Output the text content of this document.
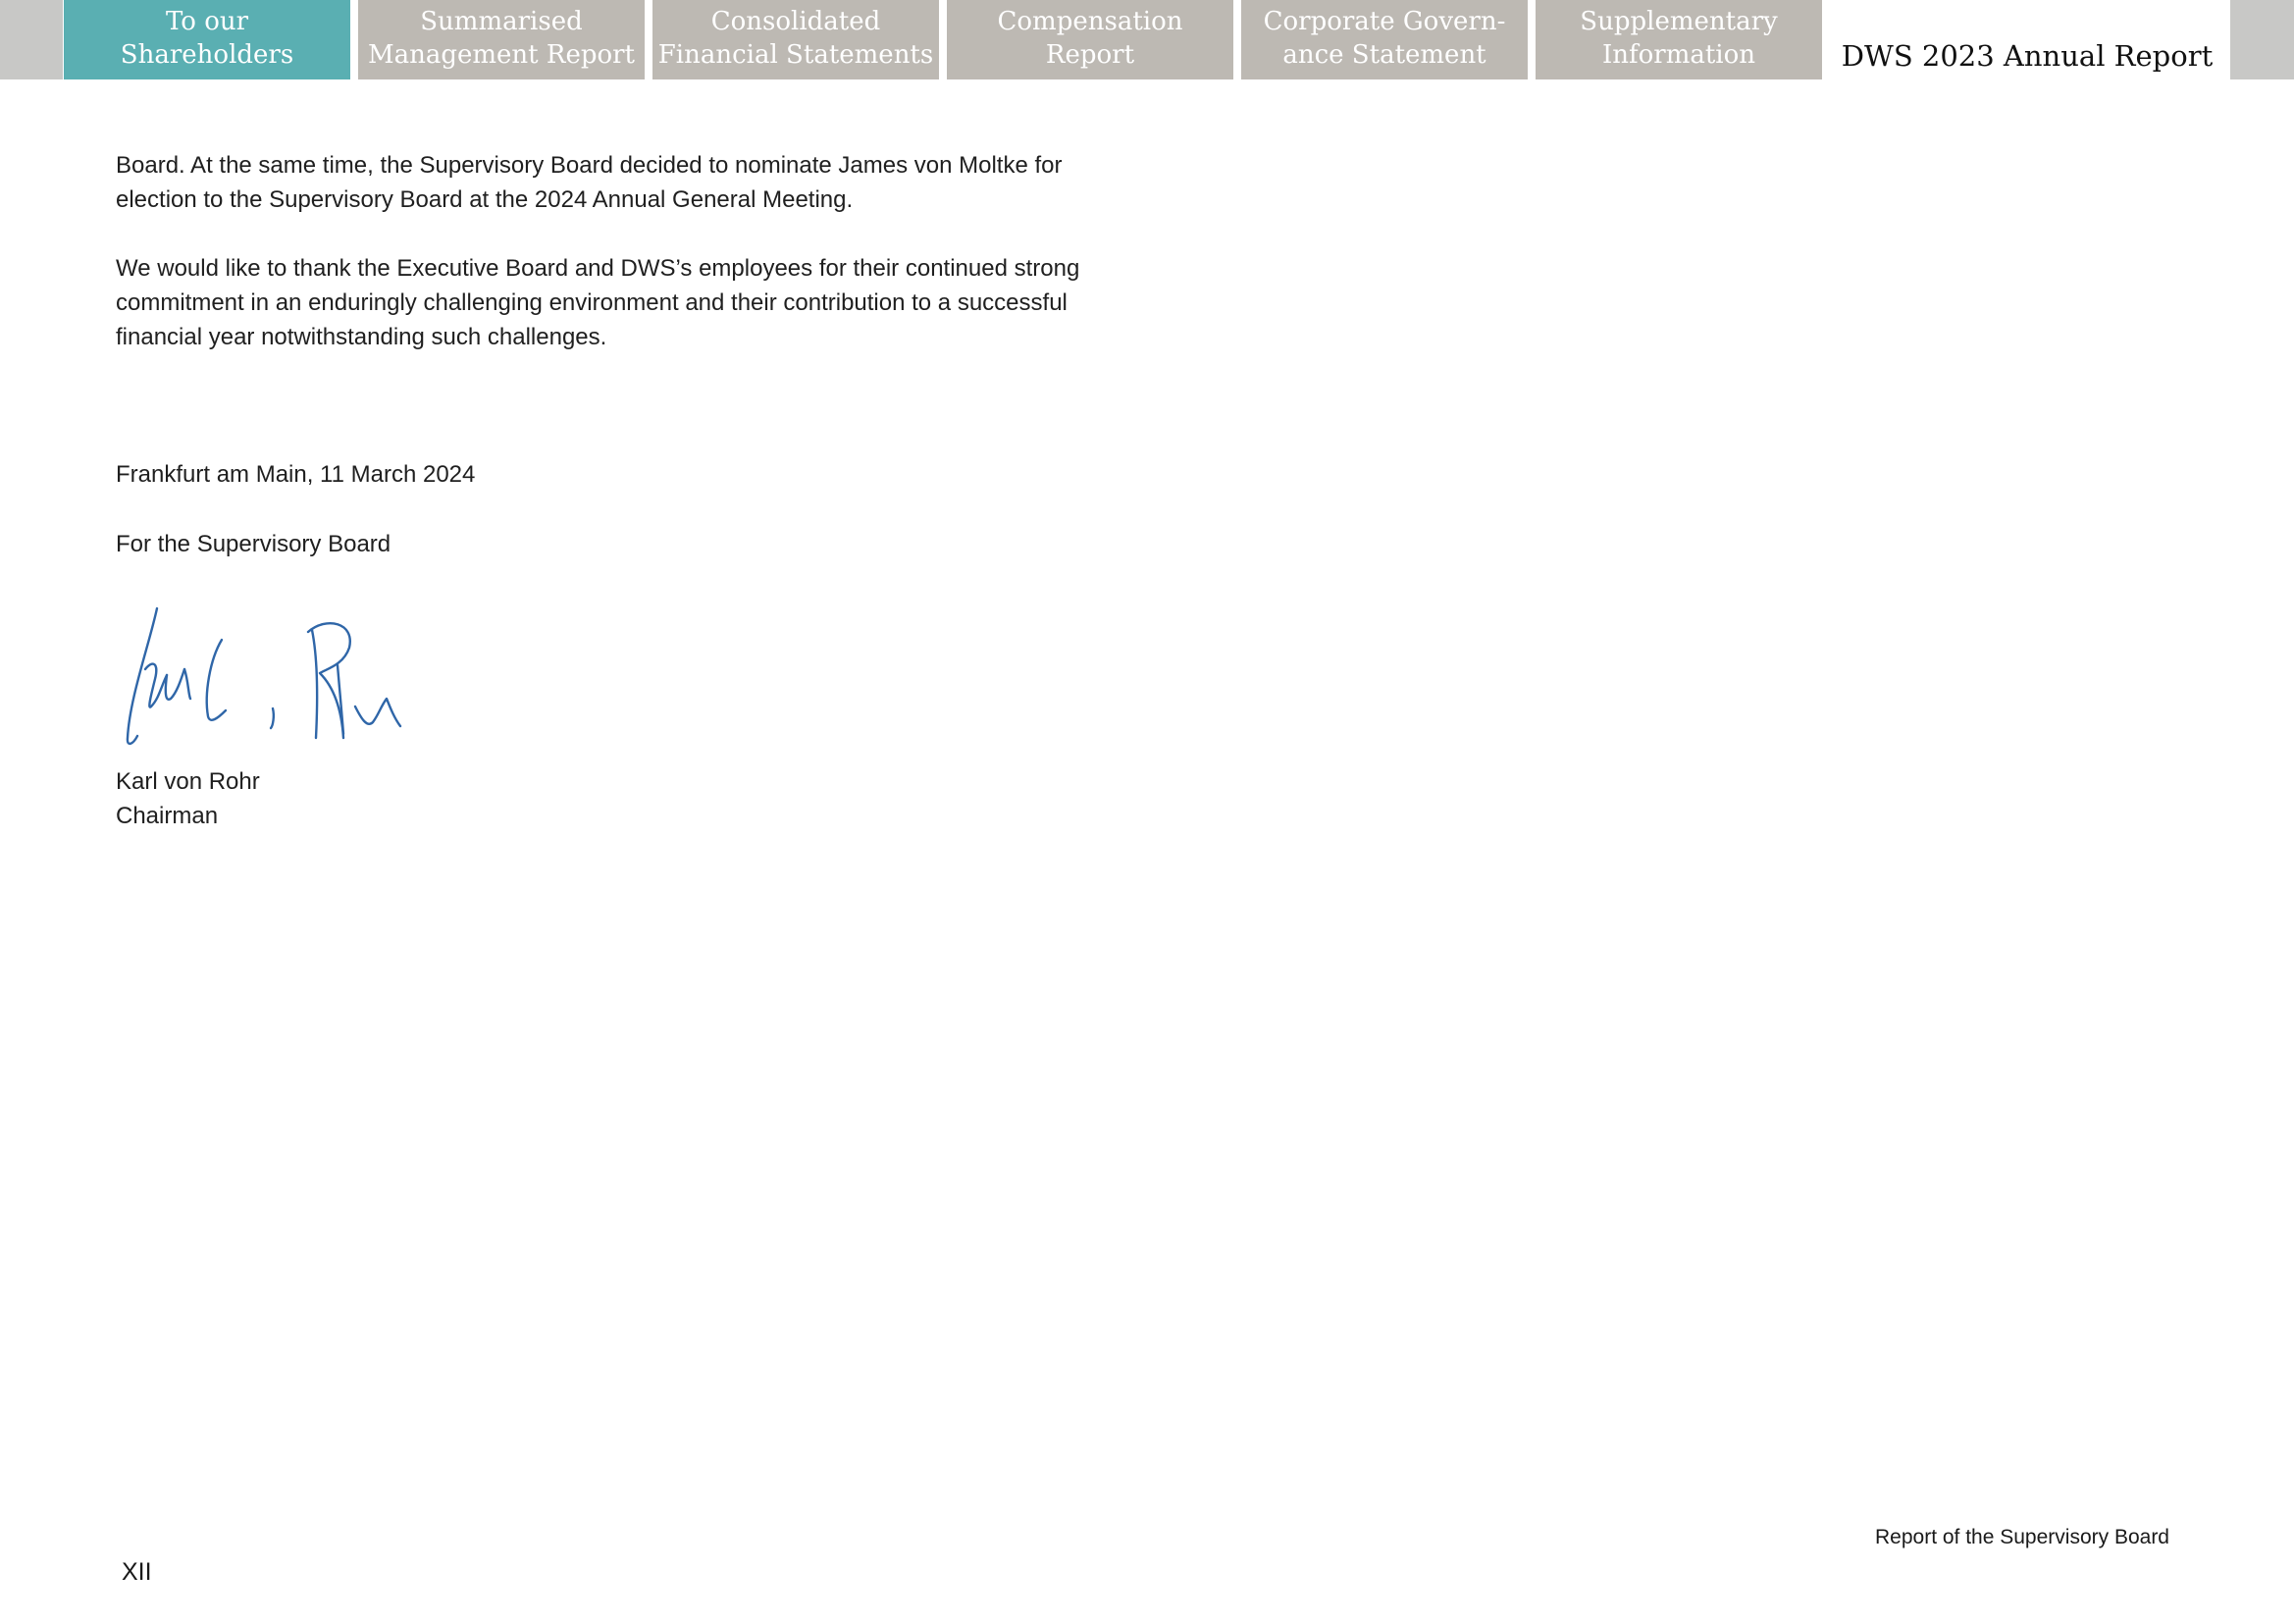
To our
Shareholders
Summarised
Management Report
Consolidated
Financial Statements
Compensation
Report
Corporate Govern-
ance Statement
Supplementary
Information	DWS 2023 Annual Report

Board. At the same time, the Supervisory Board decided to nominate James von Moltke for
election to the Supervisory Board at the 2024 Annual General Meeting.

We would like to thank the Executive Board and DWS’s employees for their continued strong
commitment in an enduringly challenging environment and their contribution to a successful
financial year notwithstanding such challenges.

Frankfurt am Main, 11 March 2024

For the Supervisory Board

Karl von Rohr
Chairman

Report of the Supervisory Board
XII
